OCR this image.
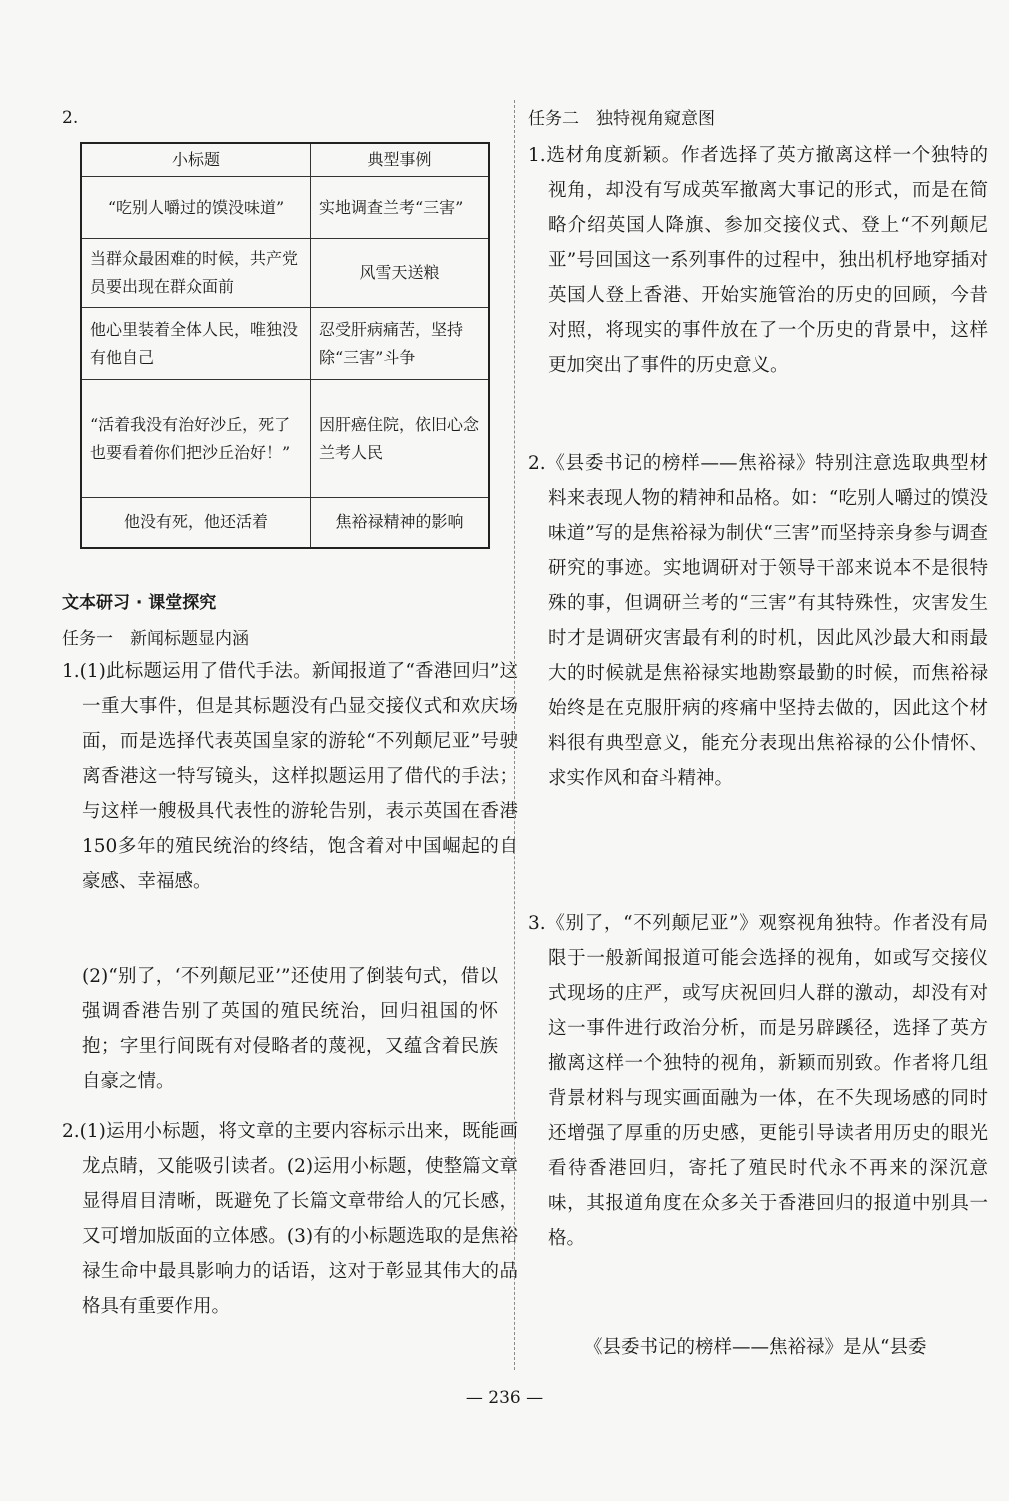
2.
小标题	典型事例
“吃别人嚼过的馍没味道”	实地调查兰考“三害”
当群众最困难的时候，共产党员要出现在群众面前	风雪天送粮
他心里装着全体人民，唯独没有他自己	忍受肝病痛苦，坚持除“三害”斗争
“活着我没有治好沙丘，死了也要看着你们把沙丘治好！”	因肝癌住院，依旧心念兰考人民
他没有死，他还活着	焦裕禄精神的影响
文本研习 · 课堂探究
任务一　新闻标题显内涵

1.(1)此标题运用了借代手法。新闻报道了“香港回归”这一重大事件，但是其标题没有凸显交接仪式和欢庆场面，而是选择代表英国皇家的游轮“不列颠尼亚”号驶离香港这一特写镜头，这样拟题运用了借代的手法；与这样一艘极具代表性的游轮告别，表示英国在香港150多年的殖民统治的终结，饱含着对中国崛起的自豪感、幸福感。

(2)“别了，‘不列颠尼亚’”还使用了倒装句式，借以强调香港告别了英国的殖民统治，回归祖国的怀抱；字里行间既有对侵略者的蔑视，又蕴含着民族自豪之情。

2.(1)运用小标题，将文章的主要内容标示出来，既能画龙点睛，又能吸引读者。(2)运用小标题，使整篇文章显得眉目清晰，既避免了长篇文章带给人的冗长感，又可增加版面的立体感。(3)有的小标题选取的是焦裕禄生命中最具影响力的话语，这对于彰显其伟大的品格具有重要作用。

任务二　独特视角窥意图

1.选材角度新颖。作者选择了英方撤离这样一个独特的视角，却没有写成英军撤离大事记的形式，而是在简略介绍英国人降旗、参加交接仪式、登上“不列颠尼亚”号回国这一系列事件的过程中，独出机杼地穿插对英国人登上香港、开始实施管治的历史的回顾，今昔对照，将现实的事件放在了一个历史的背景中，这样更加突出了事件的历史意义。

2.《县委书记的榜样——焦裕禄》特别注意选取典型材料来表现人物的精神和品格。如：“吃别人嚼过的馍没味道”写的是焦裕禄为制伏“三害”而坚持亲身参与调查研究的事迹。实地调研对于领导干部来说本不是很特殊的事，但调研兰考的“三害”有其特殊性，灾害发生时才是调研灾害最有利的时机，因此风沙最大和雨最大的时候就是焦裕禄实地勘察最勤的时候，而焦裕禄始终是在克服肝病的疼痛中坚持去做的，因此这个材料很有典型意义，能充分表现出焦裕禄的公仆情怀、求实作风和奋斗精神。

3.《别了，“不列颠尼亚”》观察视角独特。作者没有局限于一般新闻报道可能会选择的视角，如或写交接仪式现场的庄严，或写庆祝回归人群的激动，却没有对这一事件进行政治分析，而是另辟蹊径，选择了英方撤离这样一个独特的视角，新颖而别致。作者将几组背景材料与现实画面融为一体，在不失现场感的同时还增强了厚重的历史感，更能引导读者用历史的眼光看待香港回归，寄托了殖民时代永不再来的深沉意味，其报道角度在众多关于香港回归的报道中别具一格。

《县委书记的榜样——焦裕禄》是从“县委

— 236 —
